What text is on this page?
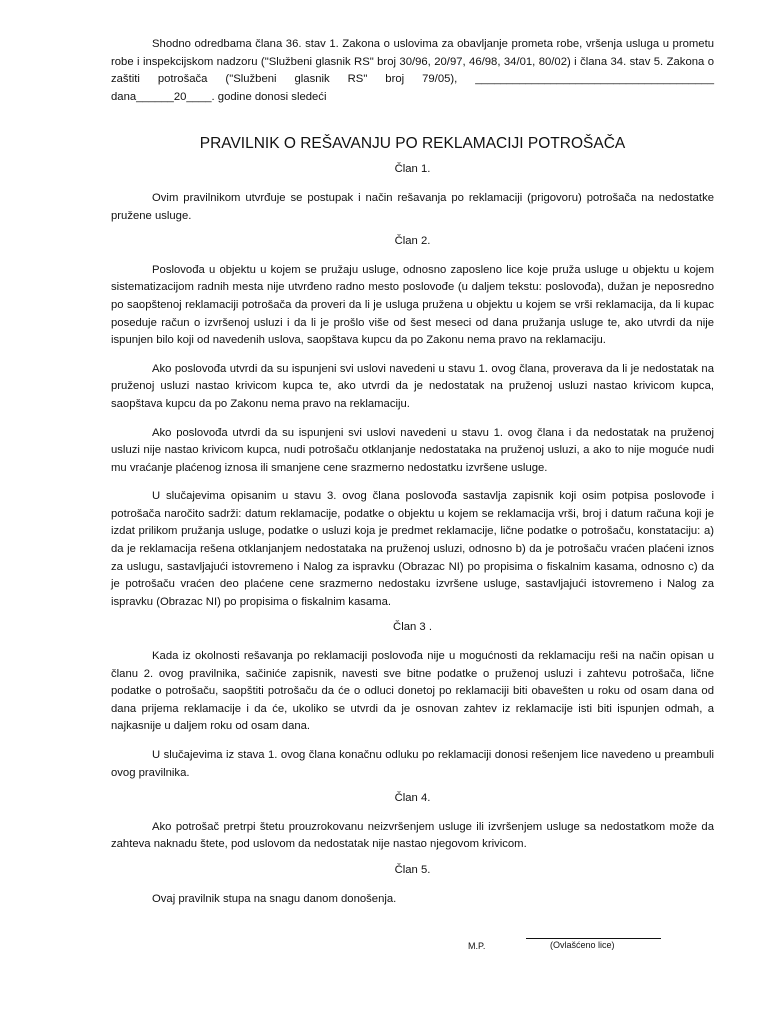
Shodno odredbama člana 36. stav 1. Zakona o uslovima za obavljanje prometa robe, vršenja usluga u prometu robe i inspekcijskom nadzoru ("Službeni glasnik RS" broj 30/96, 20/97, 46/98, 34/01, 80/02) i člana 34. stav 5. Zakona o zaštiti potrošača ("Službeni glasnik RS" broj 79/05), ______________________________________ dana______20____. godine donosi sledeći

PRAVILNIK O REŠAVANJU PO REKLAMACIJI POTROŠAČA
Član 1.

Ovim pravilnikom utvrđuje se postupak i način rešavanja po reklamaciji (prigovoru) potrošača na nedostatke pružene usluge.

Član 2.

Poslovođa u objektu u kojem se pružaju usluge, odnosno zaposleno lice koje pruža usluge u objektu u kojem sistematizacijom radnih mesta nije utvrđeno radno mesto poslovođe (u daljem tekstu: poslovođa), dužan je neposredno po saopštenoj reklamaciji potrošača da proveri da li je usluga pružena u objektu u kojem se vrši reklamacija, da li kupac poseduje račun o izvršenoj usluzi i da li je prošlo više od šest meseci od dana pružanja usluge te, ako utvrdi da nije ispunjen bilo koji od navedenih uslova, saopštava kupcu da po Zakonu nema pravo na reklamaciju.

Ako poslovođa utvrdi da su ispunjeni svi uslovi navedeni u stavu 1. ovog člana, proverava da li je nedostatak na pruženoj usluzi nastao krivicom kupca te, ako utvrdi da je nedostatak na pruženoj usluzi nastao krivicom kupca, saopštava kupcu da po Zakonu nema pravo na reklamaciju.

Ako poslovođa utvrdi da su ispunjeni svi uslovi navedeni u stavu 1. ovog člana i da nedostatak na pruženoj usluzi nije nastao krivicom kupca, nudi potrošaču otklanjanje nedostataka na pruženoj usluzi, a ako to nije moguće nudi mu vraćanje plaćenog iznosa ili smanjene cene srazmerno nedostatku izvršene usluge.

U slučajevima opisanim u stavu 3. ovog člana poslovođa sastavlja zapisnik koji osim potpisa poslovođe i potrošača naročito sadrži: datum reklamacije, podatke o objektu u kojem se reklamacija vrši, broj i datum računa koji je izdat prilikom pružanja usluge, podatke o usluzi koja je predmet reklamacije, lične podatke o potrošaču, konstataciju: a) da je reklamacija rešena otklanjanjem nedostataka na pruženoj usluzi, odnosno b) da je potrošaču vraćen plaćeni iznos za uslugu, sastavljajući istovremeno i Nalog za ispravku (Obrazac NI) po propisima o fiskalnim kasama, odnosno c) da je potrošaču vraćen deo plaćene cene srazmerno nedostaku izvršene usluge, sastavljajući istovremeno i Nalog za ispravku (Obrazac NI) po propisima o fiskalnim kasama.

Član 3 .

Kada iz okolnosti rešavanja po reklamaciji poslovođa nije u mogućnosti da reklamaciju reši na način opisan u članu 2. ovog pravilnika, sačiniće zapisnik, navesti sve bitne podatke o pruženoj usluzi i zahtevu potrošača, lične podatke o potrošaču, saopštiti potrošaču da će o odluci donetoj po reklamaciji biti obavešten u roku od osam dana od dana prijema reklamacije i da će, ukoliko se utvrdi da je osnovan zahtev iz reklamacije isti biti ispunjen odmah, a najkasnije u daljem roku od osam dana.

U slučajevima iz stava 1. ovog člana konačnu odluku po reklamaciji donosi rešenjem lice navedeno u preambuli ovog pravilnika.

Član 4.

Ako potrošač pretrpi štetu prouzrokovanu neizvršenjem usluge ili izvršenjem usluge sa nedostatkom može da zahteva naknadu štete, pod uslovom da nedostatak nije nastao njegovom krivicom.

Član 5.

Ovaj pravilnik stupa na snagu danom donošenja.

M.P.	(Ovlašćeno lice)
